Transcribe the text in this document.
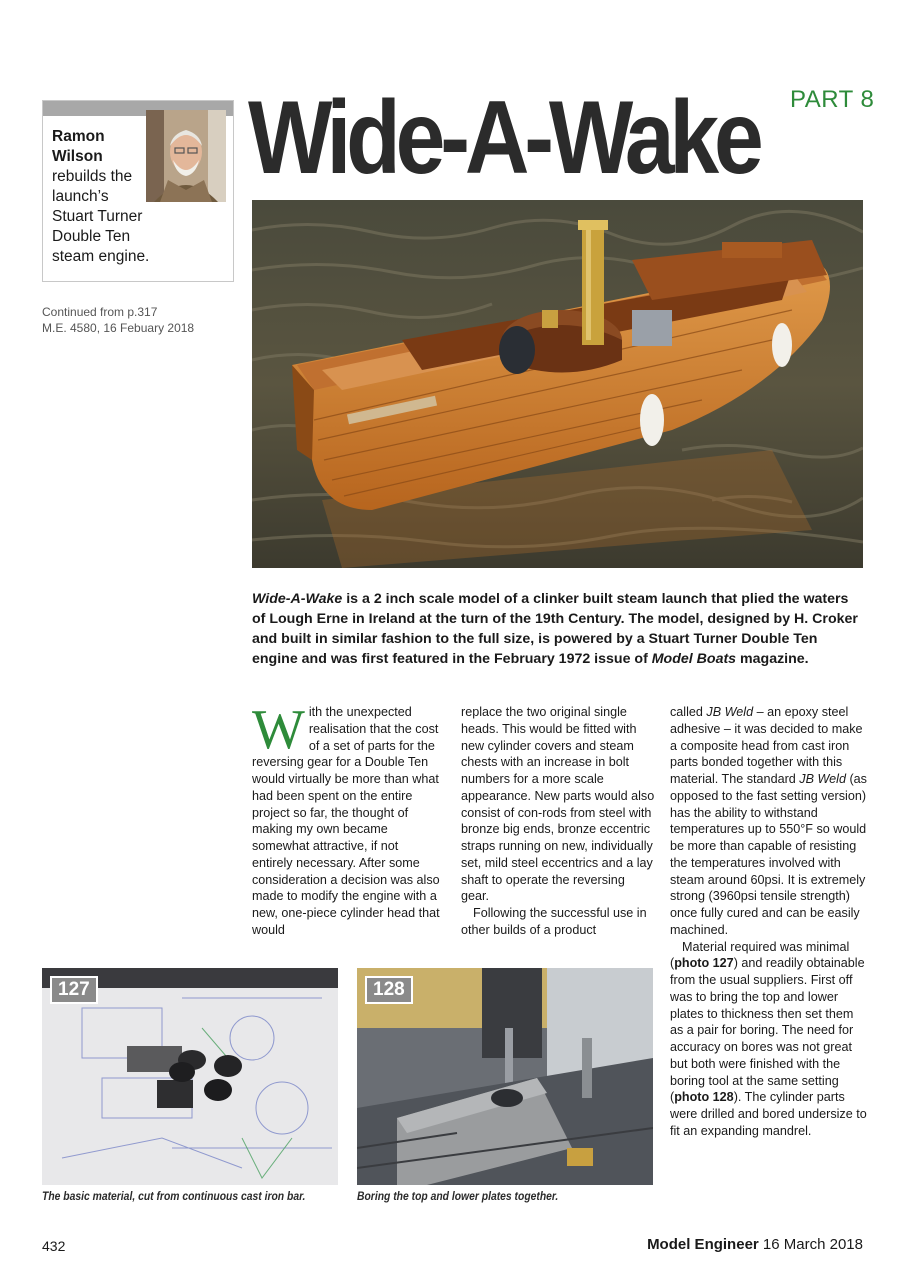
Ramon Wilson rebuilds the launch’s Stuart Turner Double Ten steam engine.
Continued from p.317
M.E. 4580, 16 Febuary 2018
Wide-A-Wake PART 8
Wide-A-Wake is a 2 inch scale model of a clinker built steam launch that plied the waters of Lough Erne in Ireland at the turn of the 19th Century. The model, designed by H. Croker and built in similar fashion to the full size, is powered by a Stuart Turner Double Ten engine and was first featured in the February 1972 issue of Model Boats magazine.

With the unexpected realisation that the cost of a set of parts for the reversing gear for a Double Ten would virtually be more than what had been spent on the entire project so far, the thought of making my own became somewhat attractive, if not entirely necessary. After some consideration a decision was also made to modify the engine with a new, one-piece cylinder head that would

replace the two original single heads. This would be fitted with new cylinder covers and steam chests with an increase in bolt numbers for a more scale appearance. New parts would also consist of con-rods from steel with bronze big ends, bronze eccentric straps running on new, individually set, mild steel eccentrics and a lay shaft to operate the reversing gear.

Following the successful use in other builds of a product

called JB Weld – an epoxy steel adhesive – it was decided to make a composite head from cast iron parts bonded together with this material. The standard JB Weld (as opposed to the fast setting version) has the ability to withstand temperatures up to 550°F so would be more than capable of resisting the temperatures involved with steam around 60psi. It is extremely strong (3960psi tensile strength) once fully cured and can be easily machined.

Material required was minimal (photo 127) and readily obtainable from the usual suppliers. First off was to bring the top and lower plates to thickness then set them as a pair for boring. The need for accuracy on bores was not great but both were finished with the boring tool at the same setting (photo 128). The cylinder parts were drilled and bored undersize to fit an expanding mandrel.

127	128
The basic material, cut from continuous cast iron bar.	Boring the top and lower plates together.
432	Model Engineer 16 March 2018
